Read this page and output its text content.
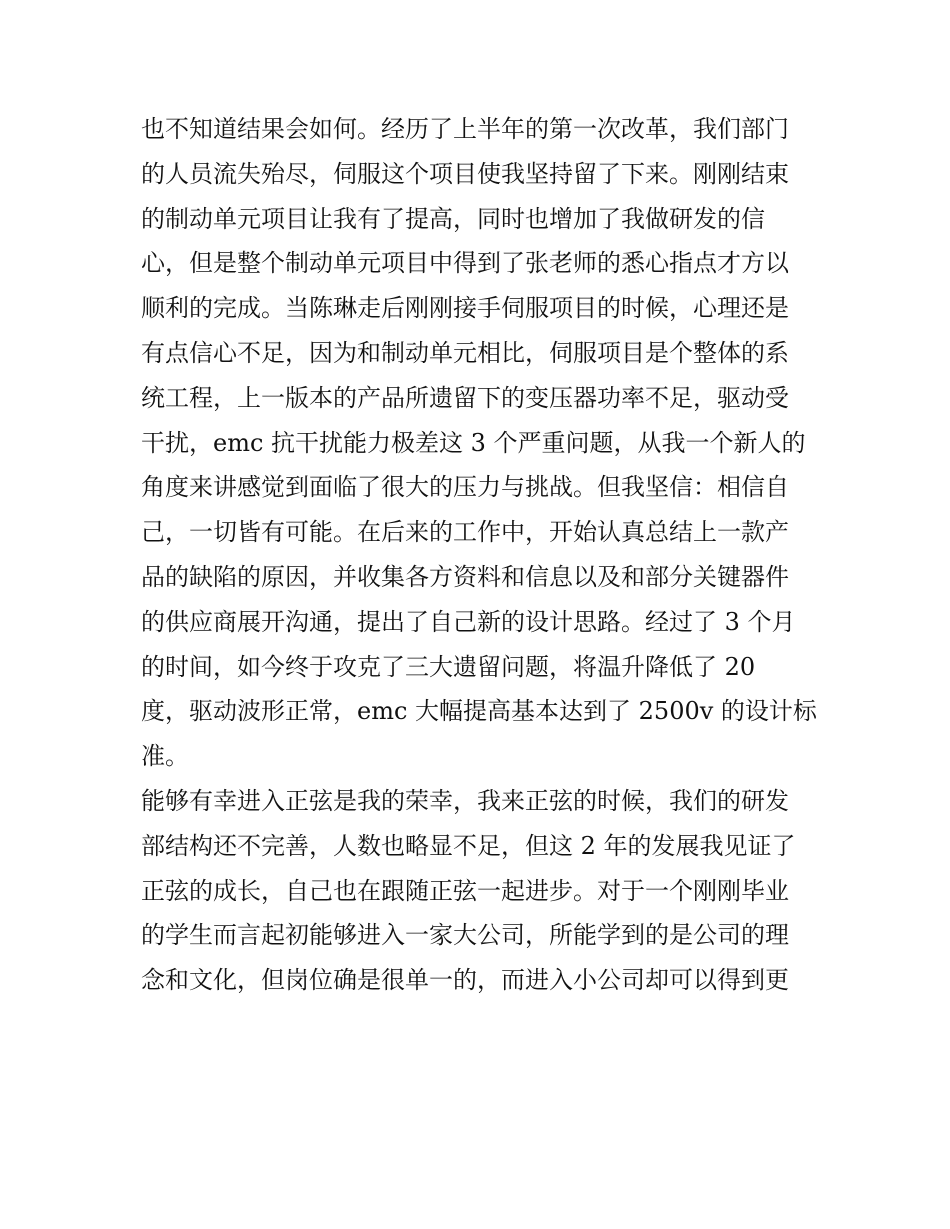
也不知道结果会如何。经历了上半年的第一次改革，我们部门
的人员流失殆尽，伺服这个项目使我坚持留了下来。刚刚结束
的制动单元项目让我有了提高，同时也增加了我做研发的信
心，但是整个制动单元项目中得到了张老师的悉心指点才方以
顺利的完成。当陈琳走后刚刚接手伺服项目的时候，心理还是
有点信心不足，因为和制动单元相比，伺服项目是个整体的系
统工程，上一版本的产品所遗留下的变压器功率不足，驱动受
干扰，emc 抗干扰能力极差这 3 个严重问题，从我一个新人的
角度来讲感觉到面临了很大的压力与挑战。但我坚信：相信自
己，一切皆有可能。在后来的工作中，开始认真总结上一款产
品的缺陷的原因，并收集各方资料和信息以及和部分关键器件
的供应商展开沟通，提出了自己新的设计思路。经过了 3 个月
的时间，如今终于攻克了三大遗留问题，将温升降低了 20
度，驱动波形正常，emc 大幅提高基本达到了 2500v 的设计标
准。
能够有幸进入正弦是我的荣幸，我来正弦的时候，我们的研发
部结构还不完善，人数也略显不足，但这 2 年的发展我见证了
正弦的成长，自己也在跟随正弦一起进步。对于一个刚刚毕业
的学生而言起初能够进入一家大公司，所能学到的是公司的理
念和文化，但岗位确是很单一的，而进入小公司却可以得到更
